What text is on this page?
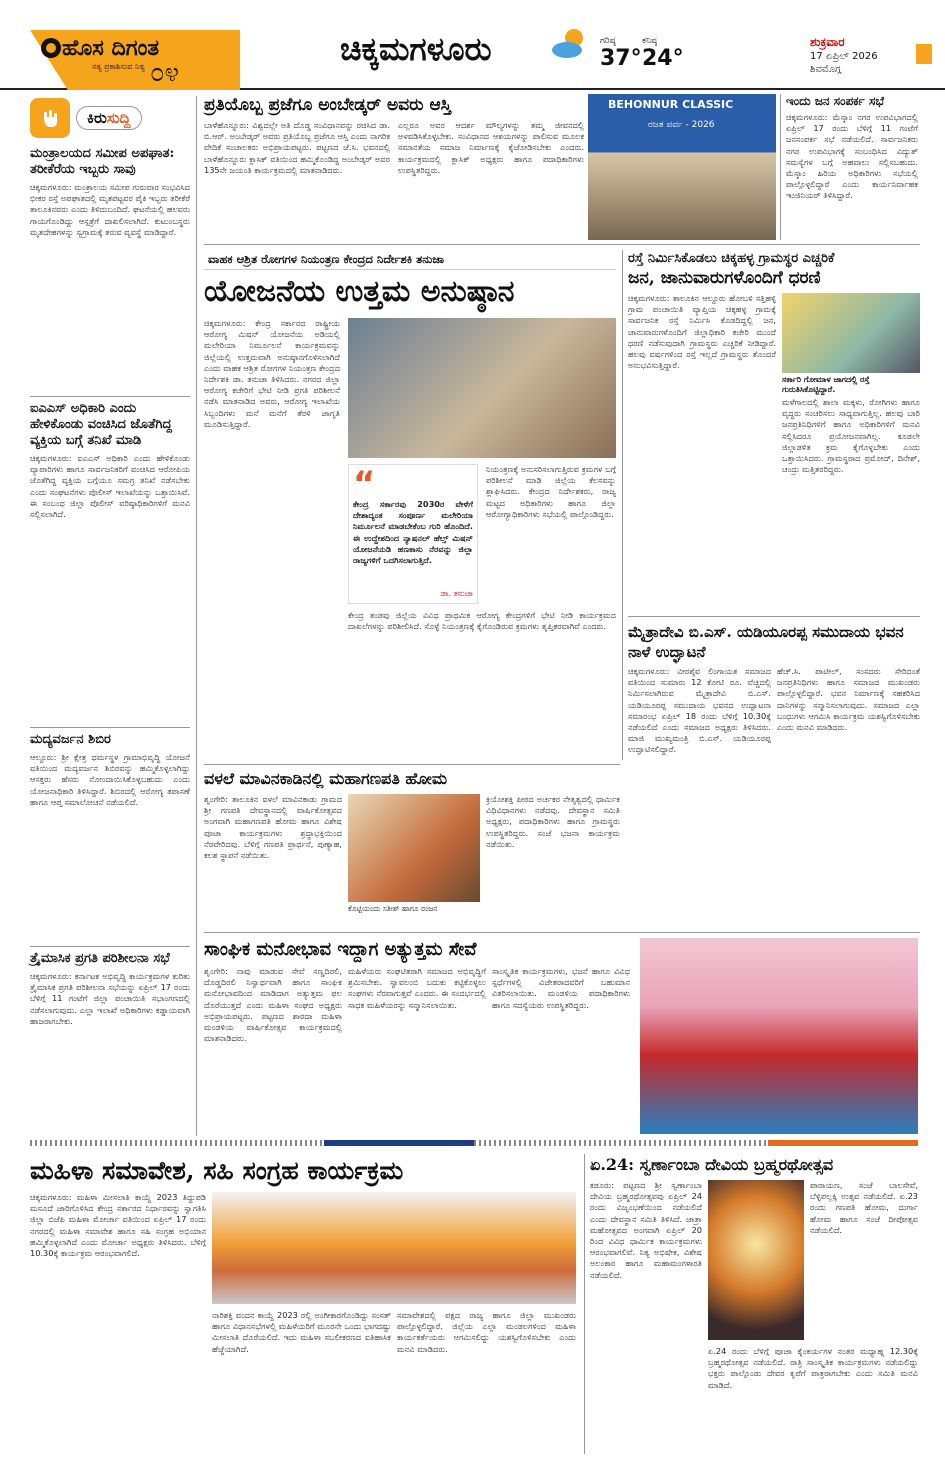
ಹೊಸ ದಿಗಂತ
ಸತ್ಯ ಪ್ರಕಾಶಿಸುವ ನಿತ್ಯ ೦೪
ಚಿಕ್ಕಮಗಳೂರು	ಗರಿಷ್ಠ
37°
ಕನಿಷ್ಠ
24°
ಶುಕ್ರವಾರ
17 ಏಪ್ರಿಲ್ 2026
ಶಿವಮೊಗ್ಗ
ಕಿರುಸುದ್ದಿ
ಮಂತ್ರಾಲಯದ ಸಮೀಪ ಅಪಘಾತ: ತರೀಕೆರೆಯ ಇಬ್ಬರು ಸಾವು
ಚಿಕ್ಕಮಗಳೂರು: ಮಂತ್ರಾಲಯ ಸಮೀಪ ಗುರುವಾರ ಸಂಭವಿಸಿದ ಭೀಕರ ರಸ್ತೆ ಅಪಘಾತದಲ್ಲಿ ಮೃತಪಟ್ಟವರ ಪೈಕಿ ಇಬ್ಬರು ತರೀಕೆರೆ ತಾಲೂಕಿನವರು ಎಂದು ತಿಳಿದುಬಂದಿದೆ. ಘಟನೆಯಲ್ಲಿ ಹಲವರು ಗಾಯಗೊಂಡಿದ್ದು ಆಸ್ಪತ್ರೆಗೆ ದಾಖಲಿಸಲಾಗಿದೆ. ಕುಟುಂಬಸ್ಥರು ಮೃತದೇಹಗಳನ್ನು ಸ್ವಗ್ರಾಮಕ್ಕೆ ತರುವ ವ್ಯವಸ್ಥೆ ಮಾಡಿದ್ದಾರೆ.
ಐಎಎಸ್ ಅಧಿಕಾರಿ ಎಂದು ಹೇಳಿಕೊಂಡು ವಂಚಿಸಿದ ಜೊತೆಗಿದ್ದ ವ್ಯಕ್ತಿಯ ಬಗ್ಗೆ ತನಿಖೆ ಮಾಡಿ
ಚಿಕ್ಕಮಗಳೂರು: ಐಎಎಸ್ ಅಧಿಕಾರಿ ಎಂದು ಹೇಳಿಕೊಂಡು ವ್ಯಾಪಾರಿಗಳು ಹಾಗೂ ಸಾರ್ವಜನಿಕರಿಗೆ ವಂಚಿಸಿದ ಆರೋಪಿಯ ಜೊತೆಗಿದ್ದ ವ್ಯಕ್ತಿಯ ಬಗ್ಗೆಯೂ ಸಮಗ್ರ ತನಿಖೆ ನಡೆಸಬೇಕು ಎಂದು ಸಂಘಟನೆಗಳು ಪೊಲೀಸ್ ಇಲಾಖೆಯನ್ನು ಒತ್ತಾಯಿಸಿವೆ. ಈ ಸಂಬಂಧ ಜಿಲ್ಲಾ ಪೊಲೀಸ್ ವರಿಷ್ಠಾಧಿಕಾರಿಗಳಿಗೆ ಮನವಿ ಸಲ್ಲಿಸಲಾಗಿದೆ.
ಮದ್ಯವರ್ಜನ ಶಿಬಿರ
ಆಲ್ದೂರು: ಶ್ರೀ ಕ್ಷೇತ್ರ ಧರ್ಮಸ್ಥಳ ಗ್ರಾಮಾಭಿವೃದ್ಧಿ ಯೋಜನೆ ವತಿಯಿಂದ ಮದ್ಯವರ್ಜನ ಶಿಬಿರವನ್ನು ಹಮ್ಮಿಕೊಳ್ಳಲಾಗಿದ್ದು ಆಸಕ್ತರು ಹೆಸರು ನೋಂದಾಯಿಸಿಕೊಳ್ಳಬಹುದು ಎಂದು ಯೋಜನಾಧಿಕಾರಿ ತಿಳಿಸಿದ್ದಾರೆ. ಶಿಬಿರದಲ್ಲಿ ಆರೋಗ್ಯ ತಪಾಸಣೆ ಹಾಗೂ ಆಪ್ತ ಸಮಾಲೋಚನೆ ನಡೆಯಲಿದೆ.
ತ್ರೈಮಾಸಿಕ ಪ್ರಗತಿ ಪರಿಶೀಲನಾ ಸಭೆ
ಚಿಕ್ಕಮಗಳೂರು: ಕರ್ನಾಟಕ ಅಭಿವೃದ್ಧಿ ಕಾರ್ಯಕ್ರಮಗಳ ಕುರಿತು ತ್ರೈಮಾಸಿಕ ಪ್ರಗತಿ ಪರಿಶೀಲನಾ ಸಭೆಯನ್ನು ಏಪ್ರಿಲ್ 17 ರಂದು ಬೆಳಿಗ್ಗೆ 11 ಗಂಟೆಗೆ ಜಿಲ್ಲಾ ಪಂಚಾಯಿತಿ ಸಭಾಂಗಣದಲ್ಲಿ ನಡೆಸಲಾಗುವುದು. ಎಲ್ಲಾ ಇಲಾಖೆ ಅಧಿಕಾರಿಗಳು ಕಡ್ಡಾಯವಾಗಿ ಹಾಜರಾಗಬೇಕು.
ಪ್ರತಿಯೊಬ್ಬ ಪ್ರಜೆಗೂ ಅಂಬೇಡ್ಕರ್ ಅವರು ಆಸ್ತಿ
ಬಾಳೆಹೊನ್ನೂರು: ವಿಶ್ವದಲ್ಲೇ ಅತಿ ದೊಡ್ಡ ಸಂವಿಧಾನವನ್ನು ರಚಿಸಿದ ಡಾ. ಬಿ.ಆರ್. ಅಂಬೇಡ್ಕರ್ ಅವರು ಪ್ರತಿಯೊಬ್ಬ ಪ್ರಜೆಗೂ ಆಸ್ತಿ ಎಂದು ನಾಗರಿಕ ವೇದಿಕೆ ಸಂಚಾಲಕರು ಅಭಿಪ್ರಾಯಪಟ್ಟರು. ಪಟ್ಟಣದ ಜೆ.ಸಿ. ಭವನದಲ್ಲಿ ಬಾಳೆಹೊನ್ನೂರು ಕ್ಲಾಸಿಕ್ ವತಿಯಿಂದ ಹಮ್ಮಿಕೊಂಡಿದ್ದ ಅಂಬೇಡ್ಕರ್ ಅವರ 135ನೇ ಜಯಂತಿ ಕಾರ್ಯಕ್ರಮದಲ್ಲಿ ಮಾತನಾಡಿದರು.
ಎಲ್ಲರೂ ಅವರ ಆದರ್ಶ ಮೌಲ್ಯಗಳನ್ನು ತಮ್ಮ ಜೀವನದಲ್ಲಿ ಅಳವಡಿಸಿಕೊಳ್ಳಬೇಕು. ಸಂವಿಧಾನದ ಆಶಯಗಳನ್ನು ಪಾಲಿಸುವ ಮೂಲಕ ಸಮಾನತೆಯ ಸಮಾಜ ನಿರ್ಮಾಣಕ್ಕೆ ಕೈಜೋಡಿಸಬೇಕು ಎಂದರು. ಕಾರ್ಯಕ್ರಮದಲ್ಲಿ ಕ್ಲಾಸಿಕ್ ಅಧ್ಯಕ್ಷರು ಹಾಗೂ ಪದಾಧಿಕಾರಿಗಳು ಉಪಸ್ಥಿತರಿದ್ದರು.
BEHONNUR CLASSIC
ರಜತ ಪರ್ವ - 2026
ಇಂದು ಜನ ಸಂಪರ್ಕ ಸಭೆ
ಚಿಕ್ಕಮಗಳೂರು: ಮೆಸ್ಕಾಂ ನಗರ ಉಪವಿಭಾಗದಲ್ಲಿ ಏಪ್ರಿಲ್ 17 ರಂದು ಬೆಳಿಗ್ಗೆ 11 ಗಂಟೆಗೆ ಜನಸಂಪರ್ಕ ಸಭೆ ನಡೆಯಲಿದೆ. ಸಾರ್ವಜನಿಕರು ನಗರ ಉಪವಿಭಾಗಕ್ಕೆ ಸಂಬಂಧಿಸಿದ ವಿದ್ಯುತ್ ಸಮಸ್ಯೆಗಳ ಬಗ್ಗೆ ಅಹವಾಲು ಸಲ್ಲಿಸಬಹುದು. ಮೆಸ್ಕಾಂ ಹಿರಿಯ ಅಧಿಕಾರಿಗಳು ಸಭೆಯಲ್ಲಿ ಪಾಲ್ಗೊಳ್ಳಲಿದ್ದಾರೆ ಎಂದು ಕಾರ್ಯನಿರ್ವಾಹಕ ಇಂಜಿನಿಯರ್ ತಿಳಿಸಿದ್ದಾರೆ.
ವಾಹಕ ಆಶ್ರಿತ ರೋಗಗಳ ನಿಯಂತ್ರಣ ಕೇಂದ್ರದ ನಿರ್ದೇಶಕಿ ತನುಜಾ
ಯೋಜನೆಯ ಉತ್ತಮ ಅನುಷ್ಠಾನ
ಚಿಕ್ಕಮಗಳೂರು: ಕೇಂದ್ರ ಸರ್ಕಾರದ ರಾಷ್ಟ್ರೀಯ ಆರೋಗ್ಯ ಮಿಷನ್ ಯೋಜನೆಯ ಅಡಿಯಲ್ಲಿ ಮಲೇರಿಯಾ ನಿರ್ಮೂಲನೆ ಕಾರ್ಯಕ್ರಮವನ್ನು ಜಿಲ್ಲೆಯಲ್ಲಿ ಉತ್ತಮವಾಗಿ ಅನುಷ್ಠಾನಗೊಳಿಸಲಾಗಿದೆ ಎಂದು ವಾಹಕ ಆಶ್ರಿತ ರೋಗಗಳ ನಿಯಂತ್ರಣ ಕೇಂದ್ರದ ನಿರ್ದೇಶಕಿ ಡಾ. ತನುಜಾ ತಿಳಿಸಿದರು. ನಗರದ ಜಿಲ್ಲಾ ಆರೋಗ್ಯ ಕಚೇರಿಗೆ ಭೇಟಿ ನೀಡಿ ಪ್ರಗತಿ ಪರಿಶೀಲನೆ ನಡೆಸಿ ಮಾತನಾಡಿದ ಅವರು, ಆರೋಗ್ಯ ಇಲಾಖೆಯ ಸಿಬ್ಬಂದಿಗಳು ಮನೆ ಮನೆಗೆ ತೆರಳಿ ಜಾಗೃತಿ ಮೂಡಿಸುತ್ತಿದ್ದಾರೆ.
“
ಕೇಂದ್ರ ಸರ್ಕಾರವು 2030ರ ವೇಳೆಗೆ ದೇಶಾದ್ಯಂತ ಸಂಪೂರ್ಣ ಮಲೇರಿಯಾ ನಿರ್ಮೂಲನೆ ಮಾಡಬೇಕೆಂಬ ಗುರಿ ಹೊಂದಿದೆ. ಈ ಉದ್ದೇಶದಿಂದ ನ್ಯಾಷನಲ್ ಹೆಲ್ತ್ ಮಿಷನ್ ಯೋಜನೆಯಡಿ ಹಣಕಾಸು ನೆರವನ್ನು ಜಿಲ್ಲಾ ರಾಜ್ಯಗಳಿಗೆ ಒದಗಿಸಲಾಗುತ್ತಿದೆ.
ಡಾ. ತನುಜಾ
ನಿಯಂತ್ರಣಕ್ಕೆ ಅನುಸರಿಸಲಾಗುತ್ತಿರುವ ಕ್ರಮಗಳ ಬಗ್ಗೆ ಪರಿಶೀಲನೆ ಮಾಡಿ ಜಿಲ್ಲೆಯ ಕೆಲಸವನ್ನು ಶ್ಲಾಘಿಸಿದರು. ಕೇಂದ್ರದ ನಿರ್ದೇಶಕರು, ರಾಜ್ಯ ಮಟ್ಟದ ಅಧಿಕಾರಿಗಳು ಹಾಗೂ ಜಿಲ್ಲಾ ಆರೋಗ್ಯಾಧಿಕಾರಿಗಳು ಸಭೆಯಲ್ಲಿ ಪಾಲ್ಗೊಂಡಿದ್ದರು.
ಕೇಂದ್ರ ತಂಡವು ಜಿಲ್ಲೆಯ ವಿವಿಧ ಪ್ರಾಥಮಿಕ ಆರೋಗ್ಯ ಕೇಂದ್ರಗಳಿಗೆ ಭೇಟಿ ನೀಡಿ ಕಾರ್ಯಕ್ರಮದ ದಾಖಲೆಗಳನ್ನು ಪರಿಶೀಲಿಸಿದೆ. ಸೊಳ್ಳೆ ನಿಯಂತ್ರಣಕ್ಕೆ ಕೈಗೊಂಡಿರುವ ಕ್ರಮಗಳು ತೃಪ್ತಿಕರವಾಗಿವೆ ಎಂದರು.
ರಸ್ತೆ ನಿರ್ಮಿಸಿಕೊಡಲು ಚಿಕ್ಕಹಳ್ಳ ಗ್ರಾಮಸ್ಥರ ಎಚ್ಚರಿಕೆ
ಜನ, ಜಾನುವಾರುಗಳೊಂದಿಗೆ ಧರಣಿ
ಚಿಕ್ಕಮಗಳೂರು: ತಾಲೂಕಿನ ಆಲ್ದೂರು ಹೋಬಳಿ ಸತ್ತಿಹಳ್ಳಿ ಗ್ರಾಮ ಪಂಚಾಯಿತಿ ವ್ಯಾಪ್ತಿಯ ಚಿಕ್ಕಹಳ್ಳ ಗ್ರಾಮಕ್ಕೆ ಸಾರ್ವಜನಿಕ ರಸ್ತೆ ನಿರ್ಮಿಸಿ ಕೊಡದಿದ್ದಲ್ಲಿ ಜನ, ಜಾನುವಾರುಗಳೊಂದಿಗೆ ಜಿಲ್ಲಾಧಿಕಾರಿ ಕಚೇರಿ ಮುಂದೆ ಧರಣಿ ನಡೆಸುವುದಾಗಿ ಗ್ರಾಮಸ್ಥರು ಎಚ್ಚರಿಕೆ ನೀಡಿದ್ದಾರೆ. ಹಲವು ವರ್ಷಗಳಿಂದ ರಸ್ತೆ ಇಲ್ಲದೆ ಗ್ರಾಮಸ್ಥರು ತೊಂದರೆ ಅನುಭವಿಸುತ್ತಿದ್ದಾರೆ.
ಸರ್ಕಾರಿ ಗೋಮಾಳ ಜಾಗದಲ್ಲಿ ರಸ್ತೆ ಗುರುತಿಸಿಕೊಟ್ಟಿದ್ದಾರೆ.
ಮಳೆಗಾಲದಲ್ಲಿ ಶಾಲಾ ಮಕ್ಕಳು, ರೋಗಿಗಳು ಹಾಗೂ ವೃದ್ಧರು ಸಂಚರಿಸಲು ಸಾಧ್ಯವಾಗುತ್ತಿಲ್ಲ. ಹಲವು ಬಾರಿ ಜನಪ್ರತಿನಿಧಿಗಳಿಗೆ ಹಾಗೂ ಅಧಿಕಾರಿಗಳಿಗೆ ಮನವಿ ಸಲ್ಲಿಸಿದರೂ ಪ್ರಯೋಜನವಾಗಿಲ್ಲ. ಕೂಡಲೇ ಜಿಲ್ಲಾಡಳಿತ ಕ್ರಮ ಕೈಗೊಳ್ಳಬೇಕು ಎಂದು ಒತ್ತಾಯಿಸಿದರು. ಗ್ರಾಮಸ್ಥರಾದ ಪ್ರಮೋದ್, ದಿನೇಶ್, ಚಂದ್ರು ಮತ್ತಿತರರಿದ್ದರು.
ಮೈತ್ರಾದೇವಿ ಬಿ.ಎಸ್. ಯಡಿಯೂರಪ್ಪ ಸಮುದಾಯ ಭವನ ನಾಳೆ ಉದ್ಘಾಟನೆ
ಚಿಕ್ಕಮಗಳೂರು: ವೀರಶೈವ ಲಿಂಗಾಯತ ಸಮಾಜದ ವತಿಯಿಂದ ಸುಮಾರು 12 ಕೋಟಿ ರೂ. ವೆಚ್ಚದಲ್ಲಿ ನಿರ್ಮಿಸಲಾಗಿರುವ ಮೈತ್ರಾದೇವಿ ಬಿ.ಎಸ್. ಯಡಿಯೂರಪ್ಪ ಸಮುದಾಯ ಭವನದ ಉದ್ಘಾಟನಾ ಸಮಾರಂಭ ಏಪ್ರಿಲ್ 18 ರಂದು ಬೆಳಿಗ್ಗೆ 10.30ಕ್ಕೆ ನಡೆಯಲಿದೆ ಎಂದು ಸಮಾಜದ ಅಧ್ಯಕ್ಷರು ತಿಳಿಸಿದರು. ಮಾಜಿ ಮುಖ್ಯಮಂತ್ರಿ ಬಿ.ಎಸ್. ಯಡಿಯೂರಪ್ಪ ಉದ್ಘಾಟಿಸಲಿದ್ದಾರೆ.
ಹೆಚ್.ಸಿ. ಪಾಟೀಲ್, ಸಂಸದರು ಸೇರಿದಂತೆ ಜನಪ್ರತಿನಿಧಿಗಳು ಹಾಗೂ ಸಮಾಜದ ಮುಖಂಡರು ಪಾಲ್ಗೊಳ್ಳಲಿದ್ದಾರೆ. ಭವನ ನಿರ್ಮಾಣಕ್ಕೆ ಸಹಕರಿಸಿದ ದಾನಿಗಳನ್ನು ಸನ್ಮಾನಿಸಲಾಗುವುದು. ಸಮಾಜದ ಎಲ್ಲಾ ಬಂಧುಗಳು ಆಗಮಿಸಿ ಕಾರ್ಯಕ್ರಮ ಯಶಸ್ವಿಗೊಳಿಸಬೇಕು ಎಂದು ಮನವಿ ಮಾಡಿದರು.
ವಳಲೆ ಮಾವಿನಕಾಡಿನಲ್ಲಿ ಮಹಾಗಣಪತಿ ಹೋಮ
ಶೃಂಗೇರಿ: ತಾಲೂಕಿನ ವಳಲೆ ಮಾವಿನಕಾಡು ಗ್ರಾಮದ ಶ್ರೀ ಗಣಪತಿ ದೇವಸ್ಥಾನದಲ್ಲಿ ವಾರ್ಷಿಕೋತ್ಸವದ ಅಂಗವಾಗಿ ಮಹಾಗಣಪತಿ ಹೋಮ ಹಾಗೂ ವಿಶೇಷ ಪೂಜಾ ಕಾರ್ಯಕ್ರಮಗಳು ಶ್ರದ್ಧಾಭಕ್ತಿಯಿಂದ ನೆರವೇರಿದವು. ಬೆಳಿಗ್ಗೆ ಗಣಪತಿ ಪ್ರಾರ್ಥನೆ, ಪುಣ್ಯಾಹ, ಕಲಶ ಸ್ಥಾಪನೆ ನಡೆಯಿತು.
ಕೊಟ್ಟಿಯಂದು ಸತೀಶ್ ಹಾಗೂ ರಂಜನ
ಕ್ರಿಯೋಶಕ್ತಿ ಪೀಠದ ಅರ್ಚಕರ ನೇತೃತ್ವದಲ್ಲಿ ಧಾರ್ಮಿಕ ವಿಧಿವಿಧಾನಗಳು ನಡೆದವು. ದೇವಸ್ಥಾನ ಸಮಿತಿ ಅಧ್ಯಕ್ಷರು, ಪದಾಧಿಕಾರಿಗಳು ಹಾಗೂ ಗ್ರಾಮಸ್ಥರು ಉಪಸ್ಥಿತರಿದ್ದರು. ಸಂಜೆ ಭಜನಾ ಕಾರ್ಯಕ್ರಮ ನಡೆಯಿತು.
ಸಾಂಘಿಕ ಮನೋಭಾವ ಇದ್ದಾಗ ಅತ್ಯುತ್ತಮ ಸೇವೆ
ಶೃಂಗೇರಿ: ನಾವು ಮಾಡುವ ಸೇವೆ ಸಣ್ಣದಿರಲಿ, ದೊಡ್ಡದಿರಲಿ ನಿಸ್ವಾರ್ಥವಾಗಿ ಹಾಗೂ ಸಾಂಘಿಕ ಮನೋಭಾವದಿಂದ ಮಾಡಿದಾಗ ಅತ್ಯುತ್ತಮ ಫಲ ದೊರೆಯುತ್ತದೆ ಎಂದು ಮಹಿಳಾ ಸಂಘದ ಅಧ್ಯಕ್ಷರು ಅಭಿಪ್ರಾಯಪಟ್ಟರು. ಪಟ್ಟಣದ ಶಾರದಾ ಮಹಿಳಾ ಮಂಡಳಿಯ ವಾರ್ಷಿಕೋತ್ಸವ ಕಾರ್ಯಕ್ರಮದಲ್ಲಿ ಮಾತನಾಡಿದರು.
ಮಹಿಳೆಯರು ಸಂಘಟಿತರಾಗಿ ಸಮಾಜದ ಅಭಿವೃದ್ಧಿಗೆ ಶ್ರಮಿಸಬೇಕು. ಸ್ವಾವಲಂಬಿ ಬದುಕು ಕಟ್ಟಿಕೊಳ್ಳಲು ಸಂಘಗಳು ನೆರವಾಗುತ್ತವೆ ಎಂದರು. ಈ ಸಂದರ್ಭದಲ್ಲಿ ಸಾಧಕ ಮಹಿಳೆಯರನ್ನು ಸನ್ಮಾನಿಸಲಾಯಿತು.
ಸಾಂಸ್ಕೃತಿಕ ಕಾರ್ಯಕ್ರಮಗಳು, ಭಜನೆ ಹಾಗೂ ವಿವಿಧ ಸ್ಪರ್ಧೆಗಳಲ್ಲಿ ವಿಜೇತರಾದವರಿಗೆ ಬಹುಮಾನ ವಿತರಿಸಲಾಯಿತು. ಮಂಡಳಿಯ ಪದಾಧಿಕಾರಿಗಳು ಹಾಗೂ ಸದಸ್ಯೆಯರು ಉಪಸ್ಥಿತರಿದ್ದರು.
ಮಹಿಳಾ ಸಮಾವೇಶ, ಸಹಿ ಸಂಗ್ರಹ ಕಾರ್ಯಕ್ರಮ
ಚಿಕ್ಕಮಗಳೂರು: ಮಹಿಳಾ ಮೀಸಲಾತಿ ಕಾಯ್ದೆ 2023 ತಿದ್ದುಪಡಿ ಮಸೂದೆ ಜಾರಿಗೊಳಿಸಿದ ಕೇಂದ್ರ ಸರ್ಕಾರದ ನಿರ್ಧಾರವನ್ನು ಸ್ವಾಗತಿಸಿ ಜಿಲ್ಲಾ ಬಿಜೆಪಿ ಮಹಿಳಾ ಮೋರ್ಚಾ ವತಿಯಿಂದ ಏಪ್ರಿಲ್ 17 ರಂದು ನಗರದಲ್ಲಿ ಮಹಿಳಾ ಸಮಾವೇಶ ಹಾಗೂ ಸಹಿ ಸಂಗ್ರಹ ಅಭಿಯಾನ ಹಮ್ಮಿಕೊಳ್ಳಲಾಗಿದೆ ಎಂದು ಮೋರ್ಚಾ ಅಧ್ಯಕ್ಷರು ತಿಳಿಸಿದರು. ಬೆಳಿಗ್ಗೆ 10.30ಕ್ಕೆ ಕಾರ್ಯಕ್ರಮ ಆರಂಭವಾಗಲಿದೆ.
ನಾರಿಶಕ್ತಿ ವಂದನ ಕಾಯ್ದೆ 2023 ರಲ್ಲಿ ಅಂಗೀಕಾರಗೊಂಡಿದ್ದು ಸಂಸತ್ ಹಾಗೂ ವಿಧಾನಸಭೆಗಳಲ್ಲಿ ಮಹಿಳೆಯರಿಗೆ ಮೂರನೇ ಒಂದು ಭಾಗದಷ್ಟು ಮೀಸಲಾತಿ ದೊರೆಯಲಿದೆ. ಇದು ಮಹಿಳಾ ಸಬಲೀಕರಣದ ಐತಿಹಾಸಿಕ ಹೆಜ್ಜೆಯಾಗಿದೆ.
ಸಮಾವೇಶದಲ್ಲಿ ಪಕ್ಷದ ರಾಜ್ಯ ಹಾಗೂ ಜಿಲ್ಲಾ ಮುಖಂಡರು ಪಾಲ್ಗೊಳ್ಳಲಿದ್ದಾರೆ. ಜಿಲ್ಲೆಯ ಎಲ್ಲಾ ಮಂಡಲಗಳಿಂದ ಮಹಿಳಾ ಕಾರ್ಯಕರ್ತೆಯರು ಆಗಮಿಸಲಿದ್ದು ಯಶಸ್ವಿಗೊಳಿಸಬೇಕು ಎಂದು ಮನವಿ ಮಾಡಿದರು.
ಏ.24: ಸ್ವರ್ಣಾಂಬಾ ದೇವಿಯ ಬ್ರಹ್ಮರಥೋತ್ಸವ
ಕಡೂರು: ಪಟ್ಟಣದ ಶ್ರೀ ಸ್ವರ್ಣಾಂಬಾ ದೇವಿಯ ಬ್ರಹ್ಮರಥೋತ್ಸವವು ಏಪ್ರಿಲ್ 24 ರಂದು ವಿಜೃಂಭಣೆಯಿಂದ ನಡೆಯಲಿದೆ ಎಂದು ದೇವಸ್ಥಾನ ಸಮಿತಿ ತಿಳಿಸಿದೆ. ಜಾತ್ರಾ ಮಹೋತ್ಸವದ ಅಂಗವಾಗಿ ಏಪ್ರಿಲ್ 20 ರಿಂದ ವಿವಿಧ ಧಾರ್ಮಿಕ ಕಾರ್ಯಕ್ರಮಗಳು ಆರಂಭವಾಗಲಿವೆ. ನಿತ್ಯ ಅಭಿಷೇಕ, ವಿಶೇಷ ಅಲಂಕಾರ ಹಾಗೂ ಮಹಾಮಂಗಳಾರತಿ ನಡೆಯಲಿದೆ.
ಪಾರಾಯಣ, ಸಂಜೆ ಬಾಲಸೇವೆ, ಬೆಳ್ಳಿಪಲ್ಲಕ್ಕಿ ಉತ್ಸವ ನಡೆಯಲಿದೆ. ಏ.23 ರಂದು ಗಣಪತಿ ಹೋಮ, ದುರ್ಗಾ ಹೋಮ ಹಾಗೂ ಸಂಜೆ ದೀಪೋತ್ಸವ ನಡೆಯಲಿದೆ.
ಏ.24 ರಂದು ಬೆಳಿಗ್ಗೆ ಪೂಜಾ ಕೈಂಕರ್ಯಗಳ ನಂತರ ಮಧ್ಯಾಹ್ನ 12.30ಕ್ಕೆ ಬ್ರಹ್ಮರಥೋತ್ಸವ ನಡೆಯಲಿದೆ. ರಾತ್ರಿ ಸಾಂಸ್ಕೃತಿಕ ಕಾರ್ಯಕ್ರಮಗಳು ನಡೆಯಲಿದ್ದು ಭಕ್ತರು ಪಾಲ್ಗೊಂಡು ದೇವರ ಕೃಪೆಗೆ ಪಾತ್ರರಾಗಬೇಕು ಎಂದು ಸಮಿತಿ ಮನವಿ ಮಾಡಿದೆ.
